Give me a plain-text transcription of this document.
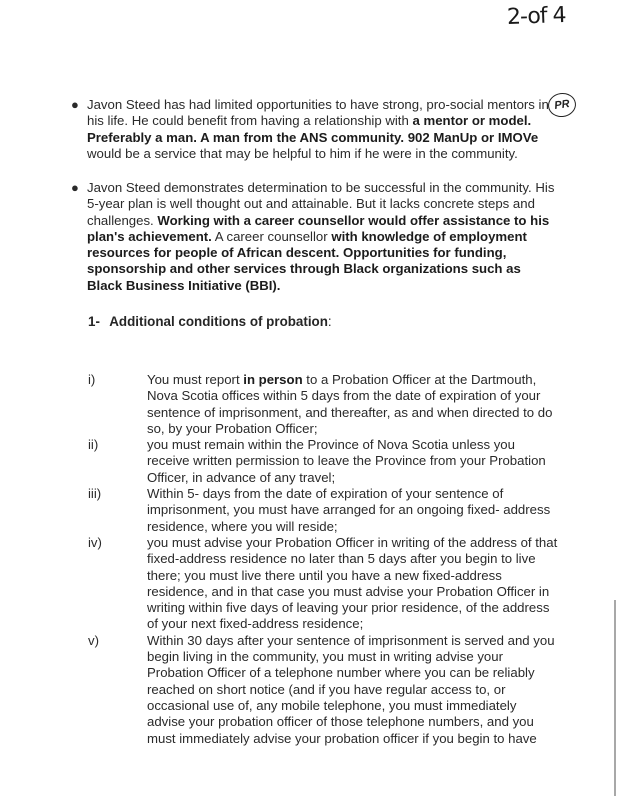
2-of 4
PR
● Javon Steed has had limited opportunities to have strong, pro-social mentors in his life. He could benefit from having a relationship with a mentor or model. Preferably a man. A man from the ANS community. 902 ManUp or IMOVe would be a service that may be helpful to him if he were in the community.
● Javon Steed demonstrates determination to be successful in the community. His 5-year plan is well thought out and attainable. But it lacks concrete steps and challenges. Working with a career counsellor would offer assistance to his plan's achievement. A career counsellor with knowledge of employment resources for people of African descent. Opportunities for funding, sponsorship and other services through Black organizations such as Black Business Initiative (BBI).
1- Additional conditions of probation:
i)	You must report in person to a Probation Officer at the Dartmouth, Nova Scotia offices within 5 days from the date of expiration of your sentence of imprisonment, and thereafter, as and when directed to do so, by your Probation Officer;
ii)	you must remain within the Province of Nova Scotia unless you receive written permission to leave the Province from your Probation Officer, in advance of any travel;
iii)	Within 5- days from the date of expiration of your sentence of imprisonment, you must have arranged for an ongoing fixed- address residence, where you will reside;
iv)	you must advise your Probation Officer in writing of the address of that fixed-address residence no later than 5 days after you begin to live there; you must live there until you have a new fixed-address residence, and in that case you must advise your Probation Officer in writing within five days of leaving your prior residence, of the address of your next fixed-address residence;
v)	Within 30 days after your sentence of imprisonment is served and you begin living in the community, you must in writing advise your Probation Officer of a telephone number where you can be reliably reached on short notice (and if you have regular access to, or occasional use of, any mobile telephone, you must immediately advise your probation officer of those telephone numbers, and you must immediately advise your probation officer if you begin to have
